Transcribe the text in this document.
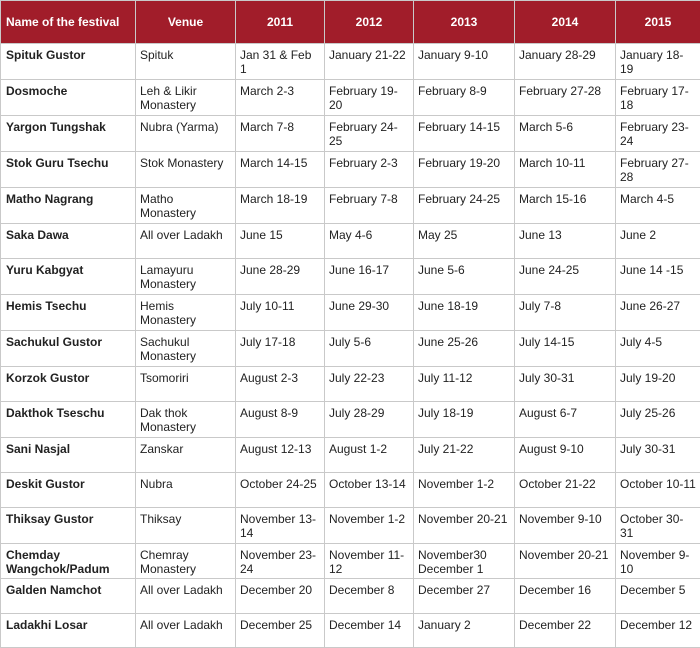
Name of the festival	Venue	2011	2012	2013	2014	2015
Spituk Gustor	Spituk	Jan 31 & Feb 1	January 21-22	January 9-10	January 28-29	January 18-19
Dosmoche	Leh & Likir Monastery	March 2-3	February 19-20	February 8-9	February 27-28	February 17-18
Yargon Tungshak	Nubra (Yarma)	March 7-8	February 24-25	February 14-15	March 5-6	February 23-24
Stok Guru Tsechu	Stok Monastery	March 14-15	February 2-3	February 19-20	March 10-11	February 27-28
Matho Nagrang	Matho Monastery	March 18-19	February 7-8	February 24-25	March 15-16	March 4-5
Saka Dawa	All over Ladakh	June 15	May 4-6	May 25	June 13	June 2
Yuru Kabgyat	Lamayuru Monastery	June 28-29	June 16-17	June 5-6	June 24-25	June 14 -15
Hemis Tsechu	Hemis Monastery	July 10-11	June 29-30	June 18-19	July 7-8	June 26-27
Sachukul Gustor	Sachukul Monastery	July 17-18	July 5-6	June 25-26	July 14-15	July 4-5
Korzok Gustor	Tsomoriri	August 2-3	July 22-23	July 11-12	July 30-31	July 19-20
Dakthok Tseschu	Dak thok Monastery	August 8-9	July 28-29	July 18-19	August 6-7	July 25-26
Sani Nasjal	Zanskar	August 12-13	August 1-2	July 21-22	August 9-10	July 30-31
Deskit Gustor	Nubra	October 24-25	October 13-14	November 1-2	October 21-22	October 10-11
Thiksay Gustor	Thiksay	November 13-14	November 1-2	November 20-21	November 9-10	October 30-31
Chemday Wangchok/Padum	Chemray Monastery	November 23-24	November 11-12	November30 December 1	November 20-21	November 9-10
Galden Namchot	All over Ladakh	December 20	December 8	December 27	December 16	December 5
Ladakhi Losar	All over Ladakh	December 25	December 14	January 2	December 22	December 12
